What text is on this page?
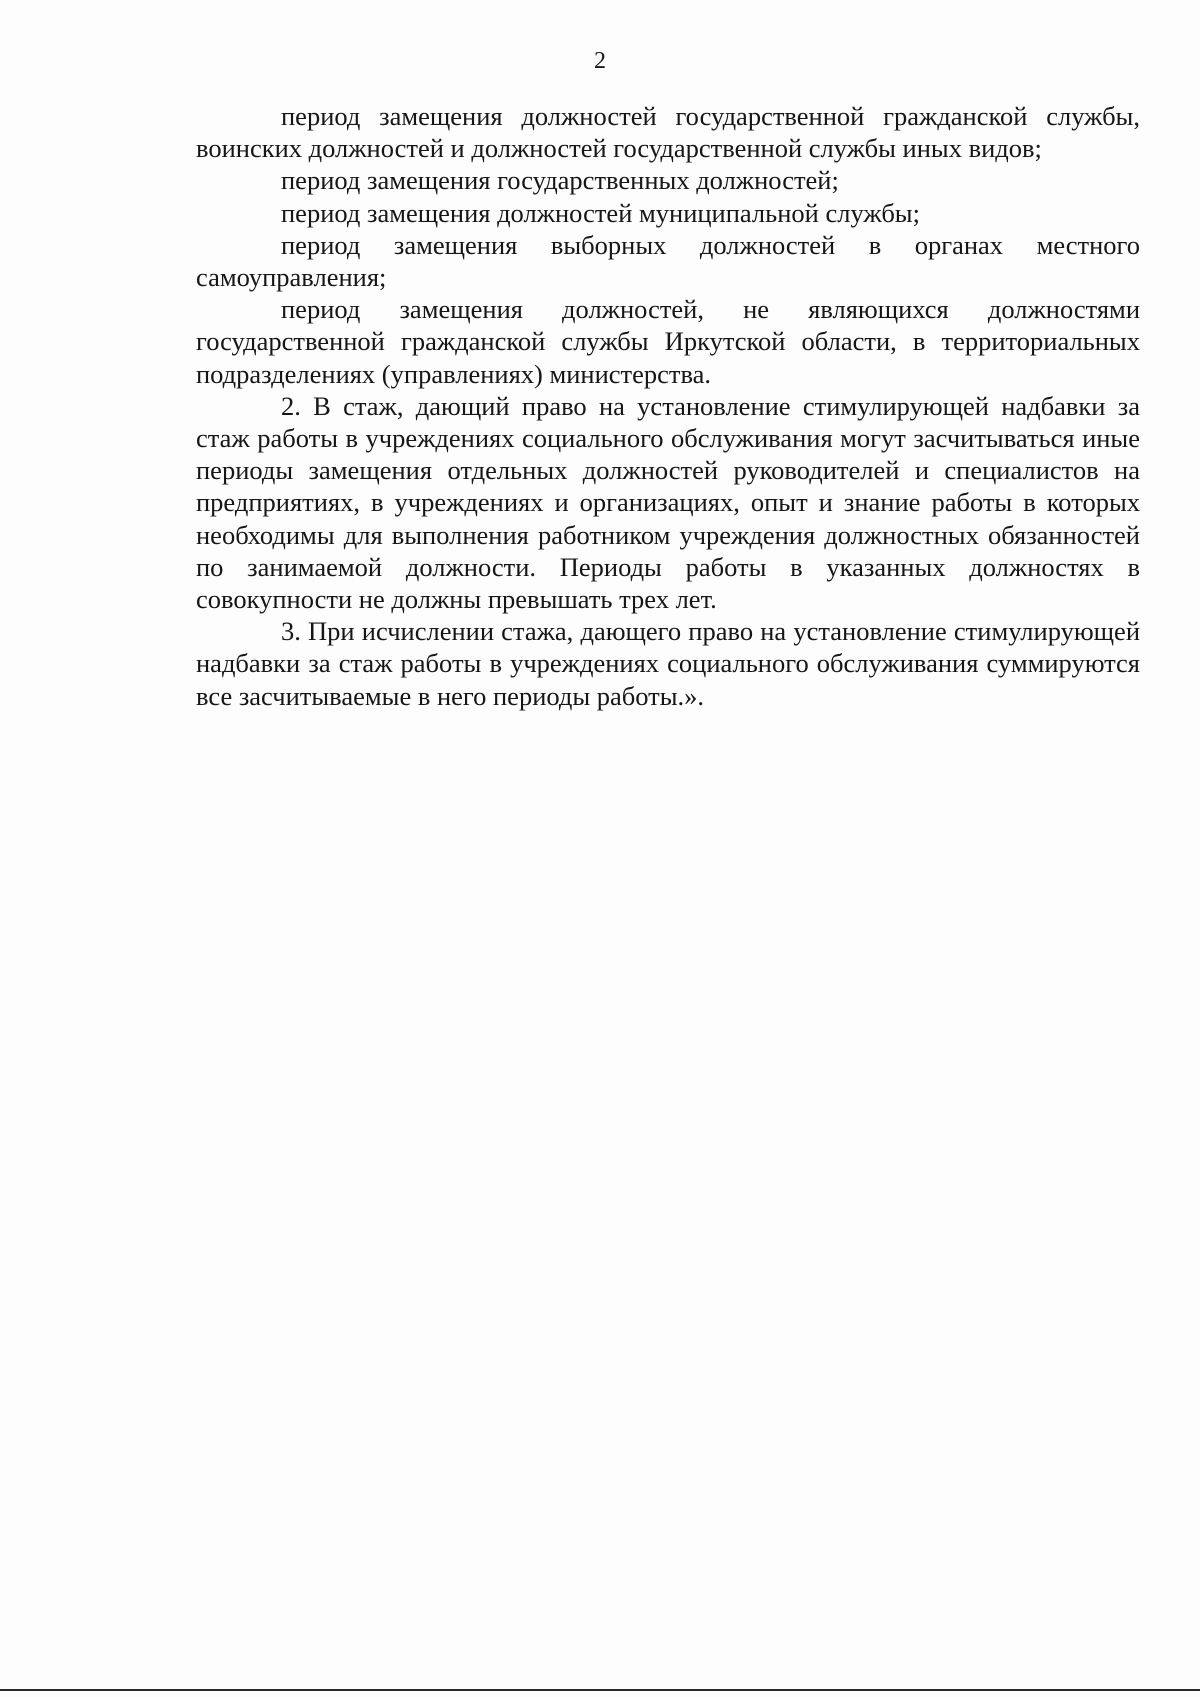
2

период замещения должностей государственной гражданской службы, воинских должностей и должностей государственной службы иных видов;

период замещения государственных должностей;

период замещения должностей муниципальной службы;

период замещения выборных должностей в органах местного самоуправления;

период замещения должностей, не являющихся должностями государственной гражданской службы Иркутской области, в территориальных подразделениях (управлениях) министерства.

2. В стаж, дающий право на установление стимулирующей надбавки за стаж работы в учреждениях социального обслуживания могут засчитываться иные периоды замещения отдельных должностей руководителей и специалистов на предприятиях, в учреждениях и организациях, опыт и знание работы в которых необходимы для выполнения работником учреждения должностных обязанностей по занимаемой должности. Периоды работы в указанных должностях в совокупности не должны превышать трех лет.

3. При исчислении стажа, дающего право на установление стимулирующей надбавки за стаж работы в учреждениях социального обслуживания суммируются все засчитываемые в него периоды работы.».
